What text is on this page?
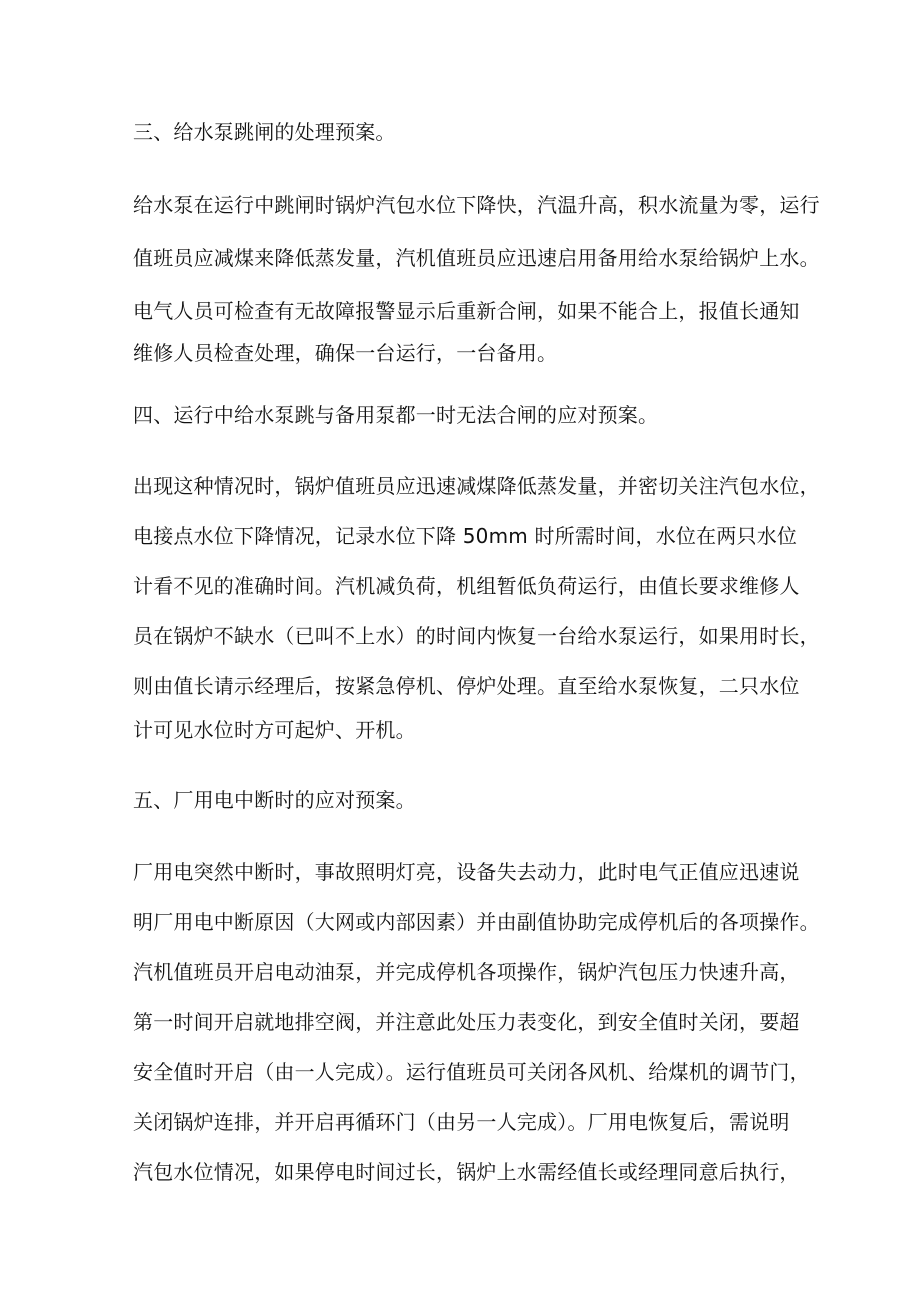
三、给水泵跳闸的处理预案。
给水泵在运行中跳闸时锅炉汽包水位下降快，汽温升高，积水流量为零，运行
值班员应减煤来降低蒸发量，汽机值班员应迅速启用备用给水泵给锅炉上水。
电气人员可检查有无故障报警显示后重新合闸，如果不能合上，报值长通知
维修人员检查处理，确保一台运行，一台备用。
四、运行中给水泵跳与备用泵都一时无法合闸的应对预案。
出现这种情况时，锅炉值班员应迅速减煤降低蒸发量，并密切关注汽包水位，
电接点水位下降情况，记录水位下降 50mm 时所需时间，水位在两只水位
计看不见的准确时间。汽机减负荷，机组暂低负荷运行，由值长要求维修人
员在锅炉不缺水（已叫不上水）的时间内恢复一台给水泵运行，如果用时长，
则由值长请示经理后，按紧急停机、停炉处理。直至给水泵恢复，二只水位
计可见水位时方可起炉、开机。
五、厂用电中断时的应对预案。
厂用电突然中断时，事故照明灯亮，设备失去动力，此时电气正值应迅速说
明厂用电中断原因（大网或内部因素）并由副值协助完成停机后的各项操作。
汽机值班员开启电动油泵，并完成停机各项操作，锅炉汽包压力快速升高，
第一时间开启就地排空阀，并注意此处压力表变化，到安全值时关闭，要超
安全值时开启（由一人完成）。运行值班员可关闭各风机、给煤机的调节门，
关闭锅炉连排，并开启再循环门（由另一人完成）。厂用电恢复后，需说明
汽包水位情况，如果停电时间过长，锅炉上水需经值长或经理同意后执行，
